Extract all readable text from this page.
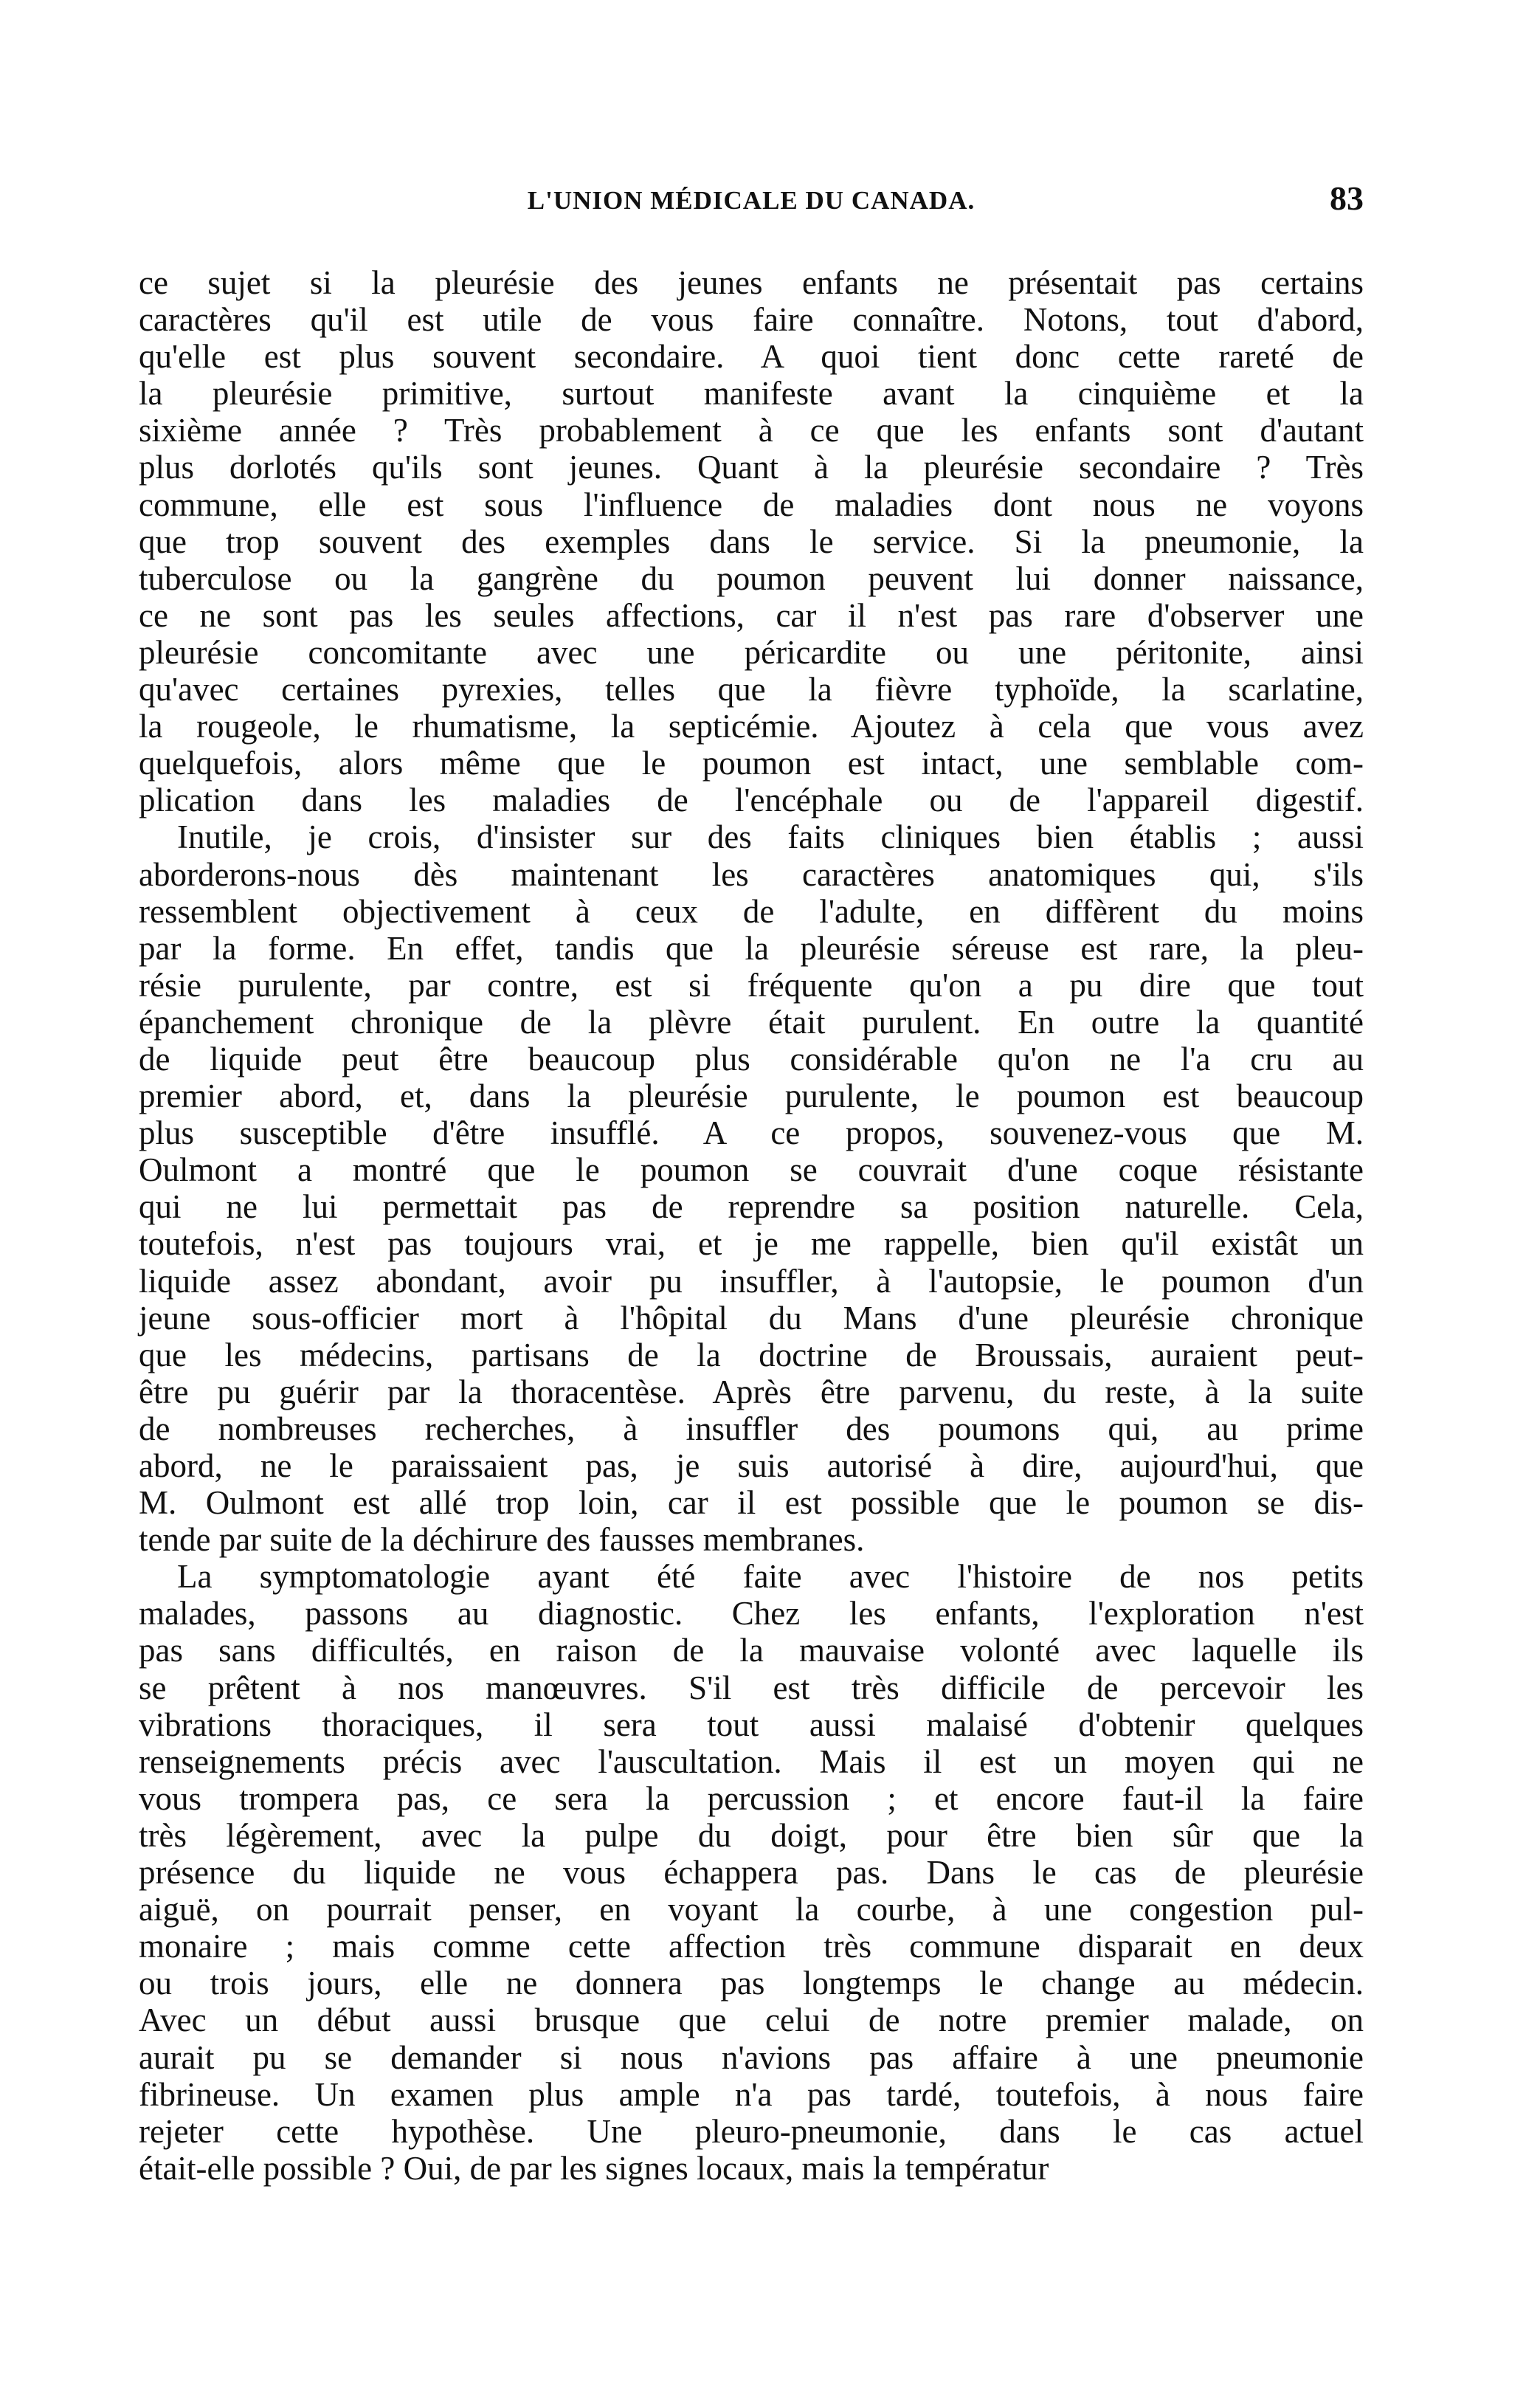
L'UNION MÉDICALE DU CANADA.	83
ce sujet si la pleurésie des jeunes enfants ne présentait pas certains
caractères qu'il est utile de vous faire connaître. Notons, tout d'abord,
qu'elle est plus souvent secondaire. A quoi tient donc cette rareté de
la pleurésie primitive, surtout manifeste avant la cinquième et la
sixième année ? Très probablement à ce que les enfants sont d'autant
plus dorlotés qu'ils sont jeunes. Quant à la pleurésie secondaire ? Très
commune, elle est sous l'influence de maladies dont nous ne voyons
que trop souvent des exemples dans le service. Si la pneumonie, la
tuberculose ou la gangrène du poumon peuvent lui donner naissance,
ce ne sont pas les seules affections, car il n'est pas rare d'observer une
pleurésie concomitante avec une péricardite ou une péritonite, ainsi
qu'avec certaines pyrexies, telles que la fièvre typhoïde, la scarlatine,
la rougeole, le rhumatisme, la septicémie. Ajoutez à cela que vous avez
quelquefois, alors même que le poumon est intact, une semblable com-
plication dans les maladies de l'encéphale ou de l'appareil digestif.
Inutile, je crois, d'insister sur des faits cliniques bien établis ; aussi
aborderons-nous dès maintenant les caractères anatomiques qui, s'ils
ressemblent objectivement à ceux de l'adulte, en diffèrent du moins
par la forme. En effet, tandis que la pleurésie séreuse est rare, la pleu-
résie purulente, par contre, est si fréquente qu'on a pu dire que tout
épanchement chronique de la plèvre était purulent. En outre la quantité
de liquide peut être beaucoup plus considérable qu'on ne l'a cru au
premier abord, et, dans la pleurésie purulente, le poumon est beaucoup
plus susceptible d'être insufflé. A ce propos, souvenez-vous que M.
Oulmont a montré que le poumon se couvrait d'une coque résistante
qui ne lui permettait pas de reprendre sa position naturelle. Cela,
toutefois, n'est pas toujours vrai, et je me rappelle, bien qu'il existât un
liquide assez abondant, avoir pu insuffler, à l'autopsie, le poumon d'un
jeune sous-officier mort à l'hôpital du Mans d'une pleurésie chronique
que les médecins, partisans de la doctrine de Broussais, auraient peut-
être pu guérir par la thoracentèse. Après être parvenu, du reste, à la suite
de nombreuses recherches, à insuffler des poumons qui, au prime
abord, ne le paraissaient pas, je suis autorisé à dire, aujourd'hui, que
M. Oulmont est allé trop loin, car il est possible que le poumon se dis-
tende par suite de la déchirure des fausses membranes.
La symptomatologie ayant été faite avec l'histoire de nos petits
malades, passons au diagnostic. Chez les enfants, l'exploration n'est
pas sans difficultés, en raison de la mauvaise volonté avec laquelle ils
se prêtent à nos manœuvres. S'il est très difficile de percevoir les
vibrations thoraciques, il sera tout aussi malaisé d'obtenir quelques
renseignements précis avec l'auscultation. Mais il est un moyen qui ne
vous trompera pas, ce sera la percussion ; et encore faut-il la faire
très légèrement, avec la pulpe du doigt, pour être bien sûr que la
présence du liquide ne vous échappera pas. Dans le cas de pleurésie
aiguë, on pourrait penser, en voyant la courbe, à une congestion pul-
monaire ; mais comme cette affection très commune disparait en deux
ou trois jours, elle ne donnera pas longtemps le change au médecin.
Avec un début aussi brusque que celui de notre premier malade, on
aurait pu se demander si nous n'avions pas affaire à une pneumonie
fibrineuse. Un examen plus ample n'a pas tardé, toutefois, à nous faire
rejeter cette hypothèse. Une pleuro-pneumonie, dans le cas actuel
était-elle possible ? Oui, de par les signes locaux, mais la températur
